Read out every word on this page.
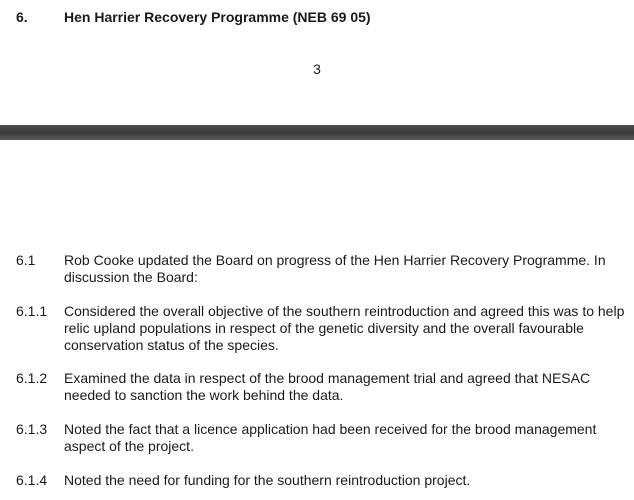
6.	Hen Harrier Recovery Programme (NEB 69 05)
3
6.1 Rob Cooke updated the Board on progress of the Hen Harrier Recovery Programme. In discussion the Board:
6.1.1 Considered the overall objective of the southern reintroduction and agreed this was to help relic upland populations in respect of the genetic diversity and the overall favourable conservation status of the species.
6.1.2 Examined the data in respect of the brood management trial and agreed that NESAC needed to sanction the work behind the data.
6.1.3 Noted the fact that a licence application had been received for the brood management aspect of the project.
6.1.4 Noted the need for funding for the southern reintroduction project.
